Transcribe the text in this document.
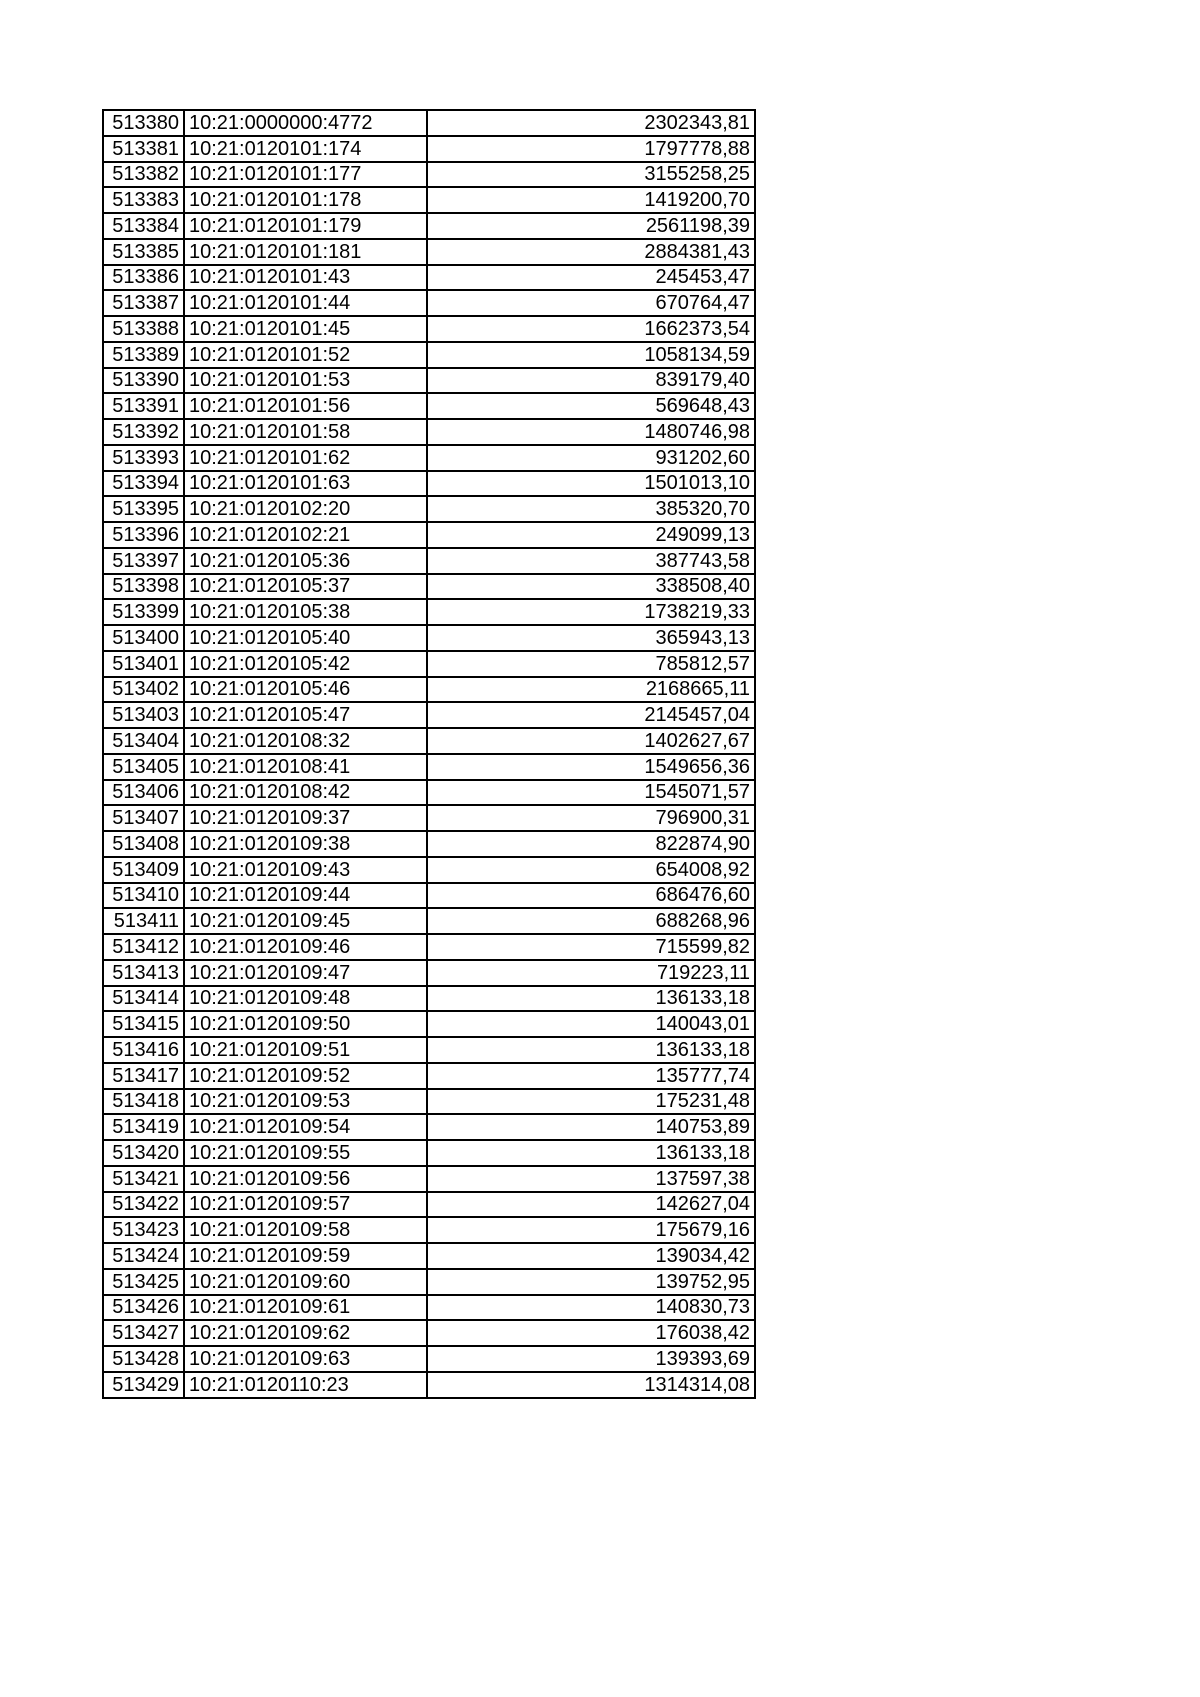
513380	10:21:0000000:4772	2302343,81
513381	10:21:0120101:174	1797778,88
513382	10:21:0120101:177	3155258,25
513383	10:21:0120101:178	1419200,70
513384	10:21:0120101:179	2561198,39
513385	10:21:0120101:181	2884381,43
513386	10:21:0120101:43	245453,47
513387	10:21:0120101:44	670764,47
513388	10:21:0120101:45	1662373,54
513389	10:21:0120101:52	1058134,59
513390	10:21:0120101:53	839179,40
513391	10:21:0120101:56	569648,43
513392	10:21:0120101:58	1480746,98
513393	10:21:0120101:62	931202,60
513394	10:21:0120101:63	1501013,10
513395	10:21:0120102:20	385320,70
513396	10:21:0120102:21	249099,13
513397	10:21:0120105:36	387743,58
513398	10:21:0120105:37	338508,40
513399	10:21:0120105:38	1738219,33
513400	10:21:0120105:40	365943,13
513401	10:21:0120105:42	785812,57
513402	10:21:0120105:46	2168665,11
513403	10:21:0120105:47	2145457,04
513404	10:21:0120108:32	1402627,67
513405	10:21:0120108:41	1549656,36
513406	10:21:0120108:42	1545071,57
513407	10:21:0120109:37	796900,31
513408	10:21:0120109:38	822874,90
513409	10:21:0120109:43	654008,92
513410	10:21:0120109:44	686476,60
513411	10:21:0120109:45	688268,96
513412	10:21:0120109:46	715599,82
513413	10:21:0120109:47	719223,11
513414	10:21:0120109:48	136133,18
513415	10:21:0120109:50	140043,01
513416	10:21:0120109:51	136133,18
513417	10:21:0120109:52	135777,74
513418	10:21:0120109:53	175231,48
513419	10:21:0120109:54	140753,89
513420	10:21:0120109:55	136133,18
513421	10:21:0120109:56	137597,38
513422	10:21:0120109:57	142627,04
513423	10:21:0120109:58	175679,16
513424	10:21:0120109:59	139034,42
513425	10:21:0120109:60	139752,95
513426	10:21:0120109:61	140830,73
513427	10:21:0120109:62	176038,42
513428	10:21:0120109:63	139393,69
513429	10:21:0120110:23	1314314,08
